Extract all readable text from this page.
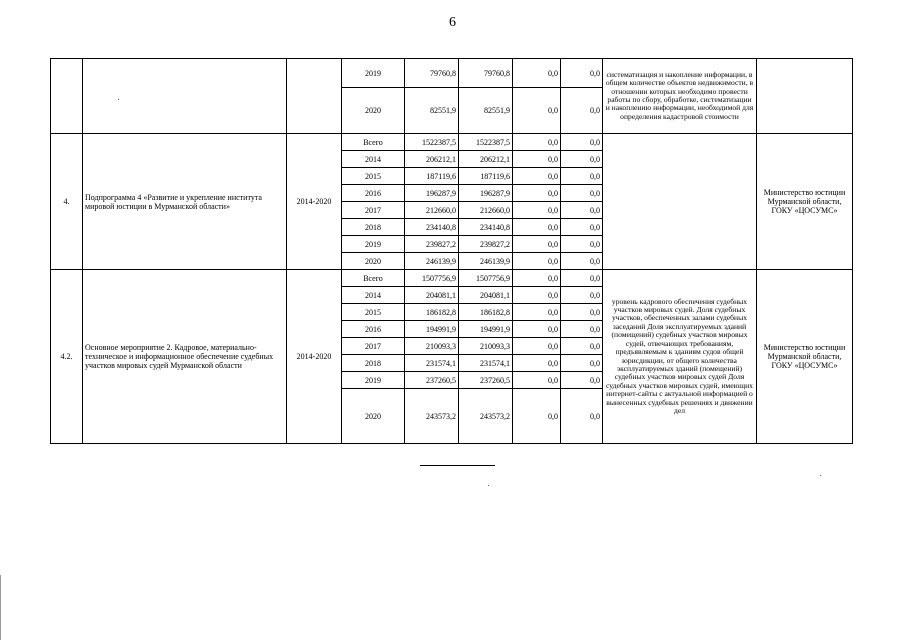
6
			2019	79760,8	79760,8	0,0	0,0	систематизация и накопление информации, в общем количестве объектов недвижимости, в отношении которых необходимо провести работы по сбору, обработке, систематизации и накоплению информации, необходимой для определения кадастровой стоимости	
			2020	82551,9	82551,9	0,0	0,0		
4.	Подпрограмма 4 «Развитие и укрепление института мировой юстиции в Мурманской области»	2014-2020	Всего	1522387,5	1522387,5	0,0	0,0		Министерство юстиции Мурманской области, ГОКУ «ЦОСУМС»
			2014	206212,1	206212,1	0,0	0,0		
			2015	187119,6	187119,6	0,0	0,0		
			2016	196287,9	196287,9	0,0	0,0		
			2017	212660,0	212660,0	0,0	0,0		
			2018	234140,8	234140,8	0,0	0,0		
			2019	239827,2	239827,2	0,0	0,0		
			2020	246139,9	246139,9	0,0	0,0		
4.2.	Основное мероприятие 2. Кадровое, материально-техническое и информационное обеспечение судебных участков мировых судей Мурманской области	2014-2020	Всего	1507756,9	1507756,9	0,0	0,0	уровень кадрового обеспечения судебных участков мировых судей. Доля судебных участков, обеспеченных залами судебных заседаний Доля эксплуатируемых зданий (помещений) судебных участков мировых судей, отвечающих требованиям, предъявляемым к зданиям судов общей юрисдикции, от общего количества эксплуатируемых зданий (помещений) судебных участков мировых судей Доля судебных участков мировых судей, имеющих интернет-сайты с актуальной информацией о вынесенных судебных решениях и движении дел	Министерство юстиции Мурманской области, ГОКУ «ЦОСУМС»
			2014	204081,1	204081,1	0,0	0,0		
			2015	186182,8	186182,8	0,0	0,0		
			2016	194991,9	194991,9	0,0	0,0		
			2017	210093,3	210093,3	0,0	0,0		
			2018	231574,1	231574,1	0,0	0,0		
			2019	237260,5	237260,5	0,0	0,0		
			2020	243573,2	243573,2	0,0	0,0		
